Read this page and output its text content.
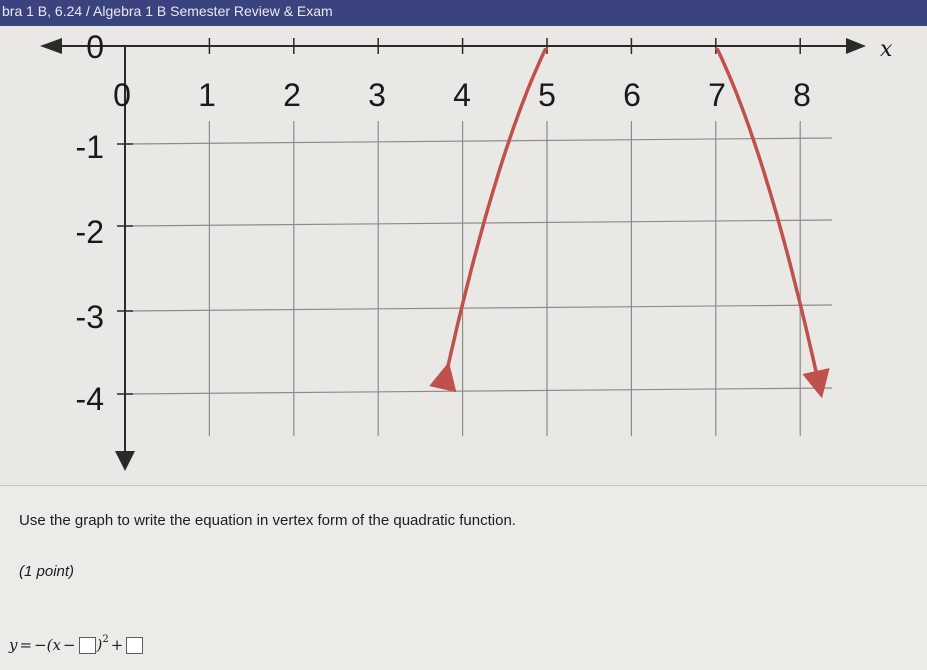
bra 1 B, 6.24 / Algebra 1 B Semester Review & Exam
x
0 1 2 3 4 5 6 7 8
0
-1
-2
-3
-4
Use the graph to write the equation in vertex form of the quadratic function.
(1 point)
y = − $(x - )^2$ +
